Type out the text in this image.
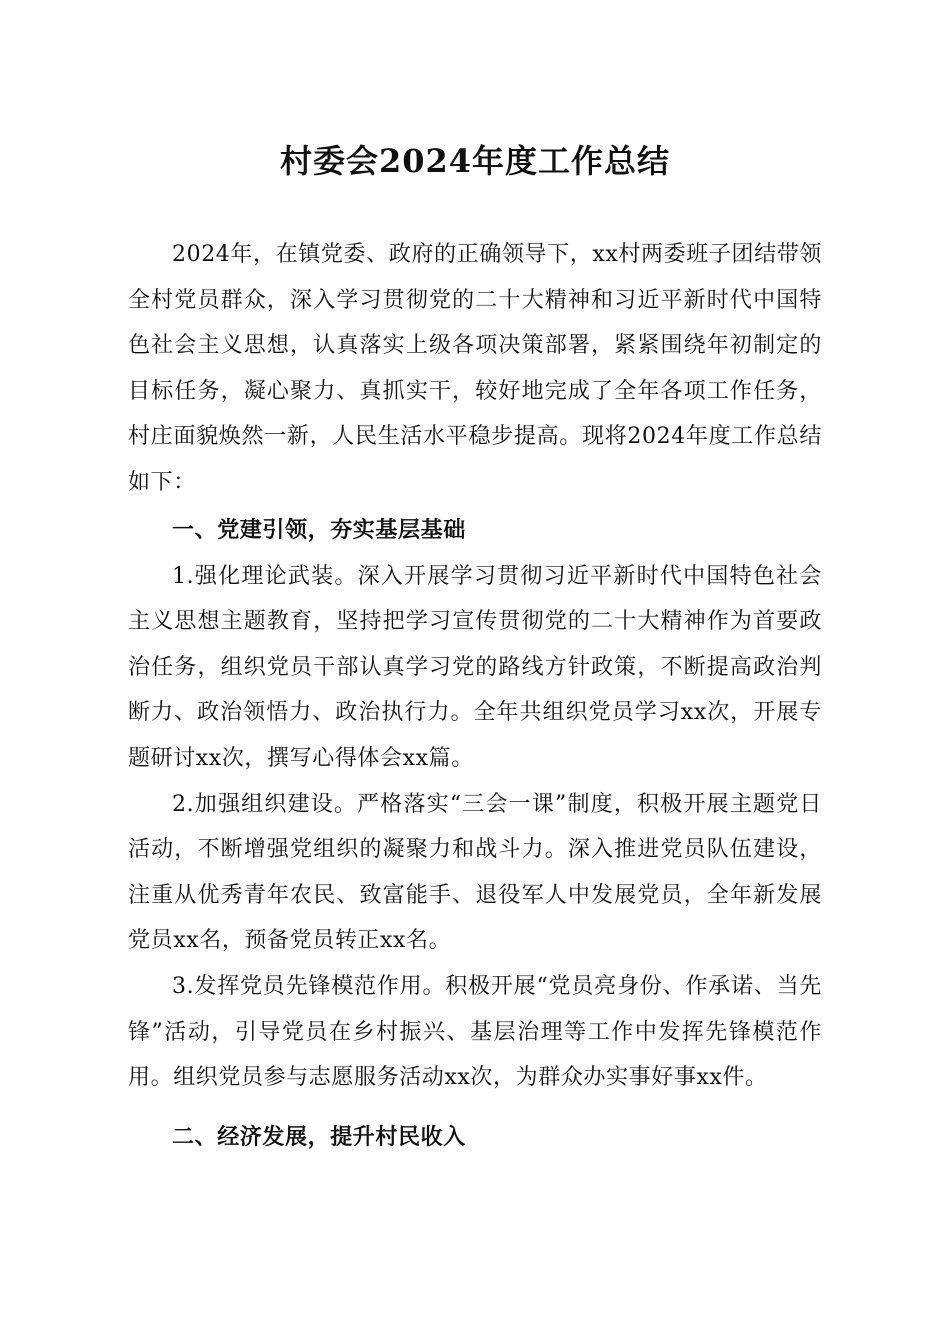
村委会2024年度工作总结

2024年，在镇党委、政府的正确领导下，xx村两委班子团结带领全村党员群众，深入学习贯彻党的二十大精神和习近平新时代中国特色社会主义思想，认真落实上级各项决策部署，紧紧围绕年初制定的目标任务，凝心聚力、真抓实干，较好地完成了全年各项工作任务，村庄面貌焕然一新，人民生活水平稳步提高。现将2024年度工作总结如下：

一、党建引领，夯实基层基础

1.强化理论武装。深入开展学习贯彻习近平新时代中国特色社会主义思想主题教育，坚持把学习宣传贯彻党的二十大精神作为首要政治任务，组织党员干部认真学习党的路线方针政策，不断提高政治判断力、政治领悟力、政治执行力。全年共组织党员学习xx次，开展专题研讨xx次，撰写心得体会xx篇。

2.加强组织建设。严格落实“三会一课”制度，积极开展主题党日活动，不断增强党组织的凝聚力和战斗力。深入推进党员队伍建设，注重从优秀青年农民、致富能手、退役军人中发展党员，全年新发展党员xx名，预备党员转正xx名。

3.发挥党员先锋模范作用。积极开展“党员亮身份、作承诺、当先锋”活动，引导党员在乡村振兴、基层治理等工作中发挥先锋模范作用。组织党员参与志愿服务活动xx次，为群众办实事好事xx件。

二、经济发展，提升村民收入
